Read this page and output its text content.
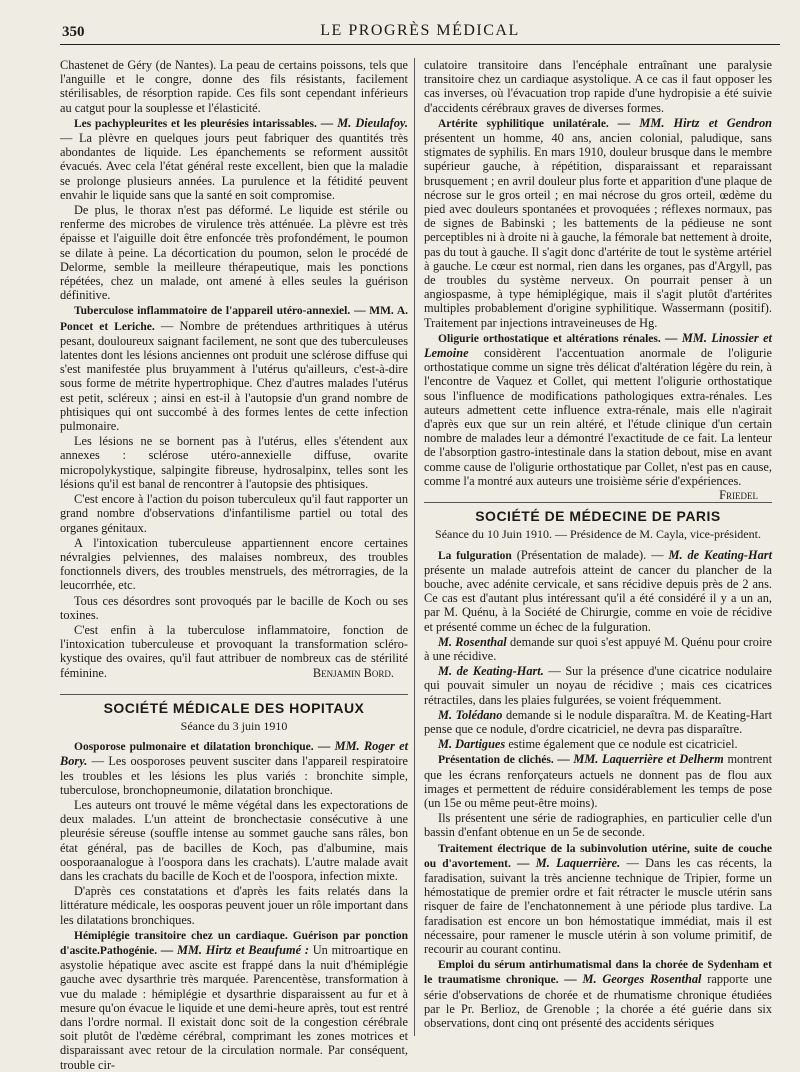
350	LE PROGRÈS MÉDICAL

Chastenet de Géry (de Nantes). La peau de certains poissons, tels que l'anguille et le congre, donne des fils résistants, facilement stérilisables, de résorption rapide. Ces fils sont cependant inférieurs au catgut pour la souplesse et l'élasticité.

Les pachypleurites et les pleurésies intarissables. — M. Dieulafoy. — La plèvre en quelques jours peut fabriquer des quantités très abondantes de liquide. Les épanchements se reforment aussitôt évacués. Avec cela l'état général reste excellent, bien que la maladie se prolonge plusieurs années. La purulence et la fétidité peuvent envahir le liquide sans que la santé en soit compromise.

De plus, le thorax n'est pas déformé. Le liquide est stérile ou renferme des microbes de virulence très atténuée. La plèvre est très épaisse et l'aiguille doit être enfoncée très profondément, le poumon se dilate à peine. La décortication du poumon, selon le procédé de Delorme, semble la meilleure thérapeutique, mais les ponctions répétées, chez un malade, ont amené à elles seules la guérison définitive.

Tuberculose inflammatoire de l'appareil utéro-annexiel. — MM. A. Poncet et Leriche. — Nombre de prétendues arthritiques à utérus pesant, douloureux saignant facilement, ne sont que des tuberculeuses latentes dont les lésions anciennes ont produit une sclérose diffuse qui s'est manifestée plus bruyamment à l'utérus qu'ailleurs, c'est-à-dire sous forme de métrite hypertrophique. Chez d'autres malades l'utérus est petit, scléreux ; ainsi en est-il à l'autopsie d'un grand nombre de phtisiques qui ont succombé à des formes lentes de cette infection pulmonaire.

Les lésions ne se bornent pas à l'utérus, elles s'étendent aux annexes : sclérose utéro-annexielle diffuse, ovarite micropolykystique, salpingite fibreuse, hydrosalpinx, telles sont les lésions qu'il est banal de rencontrer à l'autopsie des phtisiques.

C'est encore à l'action du poison tuberculeux qu'il faut rapporter un grand nombre d'observations d'infantilisme partiel ou total des organes génitaux.

A l'intoxication tuberculeuse appartiennent encore certaines névralgies pelviennes, des malaises nombreux, des troubles fonctionnels divers, des troubles menstruels, des métrorragies, de la leucorrhée, etc.

Tous ces désordres sont provoqués par le bacille de Koch ou ses toxines.

C'est enfin à la tuberculose inflammatoire, fonction de l'intoxication tuberculeuse et provoquant la transformation scléro-kystique des ovaires, qu'il faut attribuer de nombreux cas de stérilité féminine.	Benjamin Bord.

SOCIÉTÉ MÉDICALE DES HOPITAUX
Séance du 3 juin 1910

Oosporose pulmonaire et dilatation bronchique. — MM. Roger et Bory. — Les oosporoses peuvent susciter dans l'appareil respiratoire les troubles et les lésions les plus variés : bronchite simple, tuberculose, bronchopneumonie, dilatation bronchique.

Les auteurs ont trouvé le même végétal dans les expectorations de deux malades. L'un atteint de bronchectasie consécutive à une pleurésie séreuse (souffle intense au sommet gauche sans râles, bon état général, pas de bacilles de Koch, pas d'albumine, mais oosporaanalogue à l'oospora dans les crachats). L'autre malade avait dans les crachats du bacille de Koch et de l'oospora, infection mixte.

D'après ces constatations et d'après les faits relatés dans la littérature médicale, les oosporas peuvent jouer un rôle important dans les dilatations bronchiques.

Hémiplégie transitoire chez un cardiaque. Guérison par ponction d'ascite.Pathogénie. — MM. Hirtz et Beaufumé : Un mitroartique en asystolie hépatique avec ascite est frappé dans la nuit d'hémiplégie gauche avec dysarthrie très marquée. Parencentèse, transformation à vue du malade : hémiplégie et dysarthrie disparaissent au fur et à mesure qu'on évacue le liquide et une demi-heure après, tout est rentré dans l'ordre normal. Il existait donc soit de la congestion cérébrale soit plutôt de l'œdème cérébral, comprimant les zones motrices et disparaissant avec retour de la circulation normale. Par conséquent, trouble cir-

culatoire transitoire dans l'encéphale entraînant une paralysie transitoire chez un cardiaque asystolique. A ce cas il faut opposer les cas inverses, où l'évacuation trop rapide d'une hydropisie a été suivie d'accidents cérébraux graves de diverses formes.

Artérite syphilitique unilatérale. — MM. Hirtz et Gendron présentent un homme, 40 ans, ancien colonial, paludique, sans stigmates de syphilis. En mars 1910, douleur brusque dans le membre supérieur gauche, à répétition, disparaissant et reparaissant brusquement ; en avril douleur plus forte et apparition d'une plaque de nécrose sur le gros orteil ; en mai nécrose du gros orteil, œdème du pied avec douleurs spontanées et provoquées ; réflexes normaux, pas de signes de Babinski ; les battements de la pédieuse ne sont perceptibles ni à droite ni à gauche, la fémorale bat nettement à droite, pas du tout à gauche. Il s'agit donc d'artérite de tout le système artériel à gauche. Le cœur est normal, rien dans les organes, pas d'Argyll, pas de troubles du système nerveux. On pourrait penser à un angiospasme, à type hémiplégique, mais il s'agit plutôt d'artérites multiples probablement d'origine syphilitique. Wassermann (positif). Traitement par injections intraveineuses de Hg.

Oligurie orthostatique et altérations rénales. — MM. Linossier et Lemoine considèrent l'accentuation anormale de l'oligurie orthostatique comme un signe très délicat d'altération légère du rein, à l'encontre de Vaquez et Collet, qui mettent l'oligurie orthostatique sous l'influence de modifications pathologiques extra-rénales. Les auteurs admettent cette influence extra-rénale, mais elle n'agirait d'après eux que sur un rein altéré, et l'étude clinique d'un certain nombre de malades leur a démontré l'exactitude de ce fait. La lenteur de l'absorption gastro-intestinale dans la station debout, mise en avant comme cause de l'oligurie orthostatique par Collet, n'est pas en cause, comme l'a montré aux auteurs une troisième série d'expériences.
Friedel

SOCIÉTÉ DE MÉDECINE DE PARIS
Séance du 10 Juin 1910. — Présidence de M. Cayla, vice-président.

La fulguration (Présentation de malade). — M. de Keating-Hart présente un malade autrefois atteint de cancer du plancher de la bouche, avec adénite cervicale, et sans récidive depuis près de 2 ans. Ce cas est d'autant plus intéressant qu'il a été considéré il y a un an, par M. Quénu, à la Société de Chirurgie, comme en voie de récidive et présenté comme un échec de la fulguration.

M. Rosenthal demande sur quoi s'est appuyé M. Quénu pour croire à une récidive.

M. de Keating-Hart. — Sur la présence d'une cicatrice nodulaire qui pouvait simuler un noyau de récidive ; mais ces cicatrices rétractiles, dans les plaies fulgurées, se voient fréquemment.

M. Tolédano demande si le nodule disparaîtra. M. de Keating-Hart pense que ce nodule, d'ordre cicatriciel, ne devra pas disparaître.

M. Dartigues estime également que ce nodule est cicatriciel.

Présentation de clichés. — MM. Laquerrière et Delherm montrent que les écrans renforçateurs actuels ne donnent pas de flou aux images et permettent de réduire considérablement les temps de pose (un 15e ou même peut-être moins).

Ils présentent une série de radiographies, en particulier celle d'un bassin d'enfant obtenue en un 5e de seconde.

Traitement électrique de la subinvolution utérine, suite de couche ou d'avortement. — M. Laquerrière. — Dans les cas récents, la faradisation, suivant la très ancienne technique de Tripier, forme un hémostatique de premier ordre et fait rétracter le muscle utérin sans risquer de faire de l'enchatonnement à une période plus tardive. La faradisation est encore un bon hémostatique immédiat, mais il est nécessaire, pour ramener le muscle utérin à son volume primitif, de recourir au courant continu.

Emploi du sérum antirhumatismal dans la chorée de Sydenham et le traumatisme chronique. — M. Georges Rosenthal rapporte une série d'observations de chorée et de rhumatisme chronique étudiées par le Pr. Berlioz, de Grenoble ; la chorée a été guérie dans six observations, dont cinq ont présenté des accidents sériques
